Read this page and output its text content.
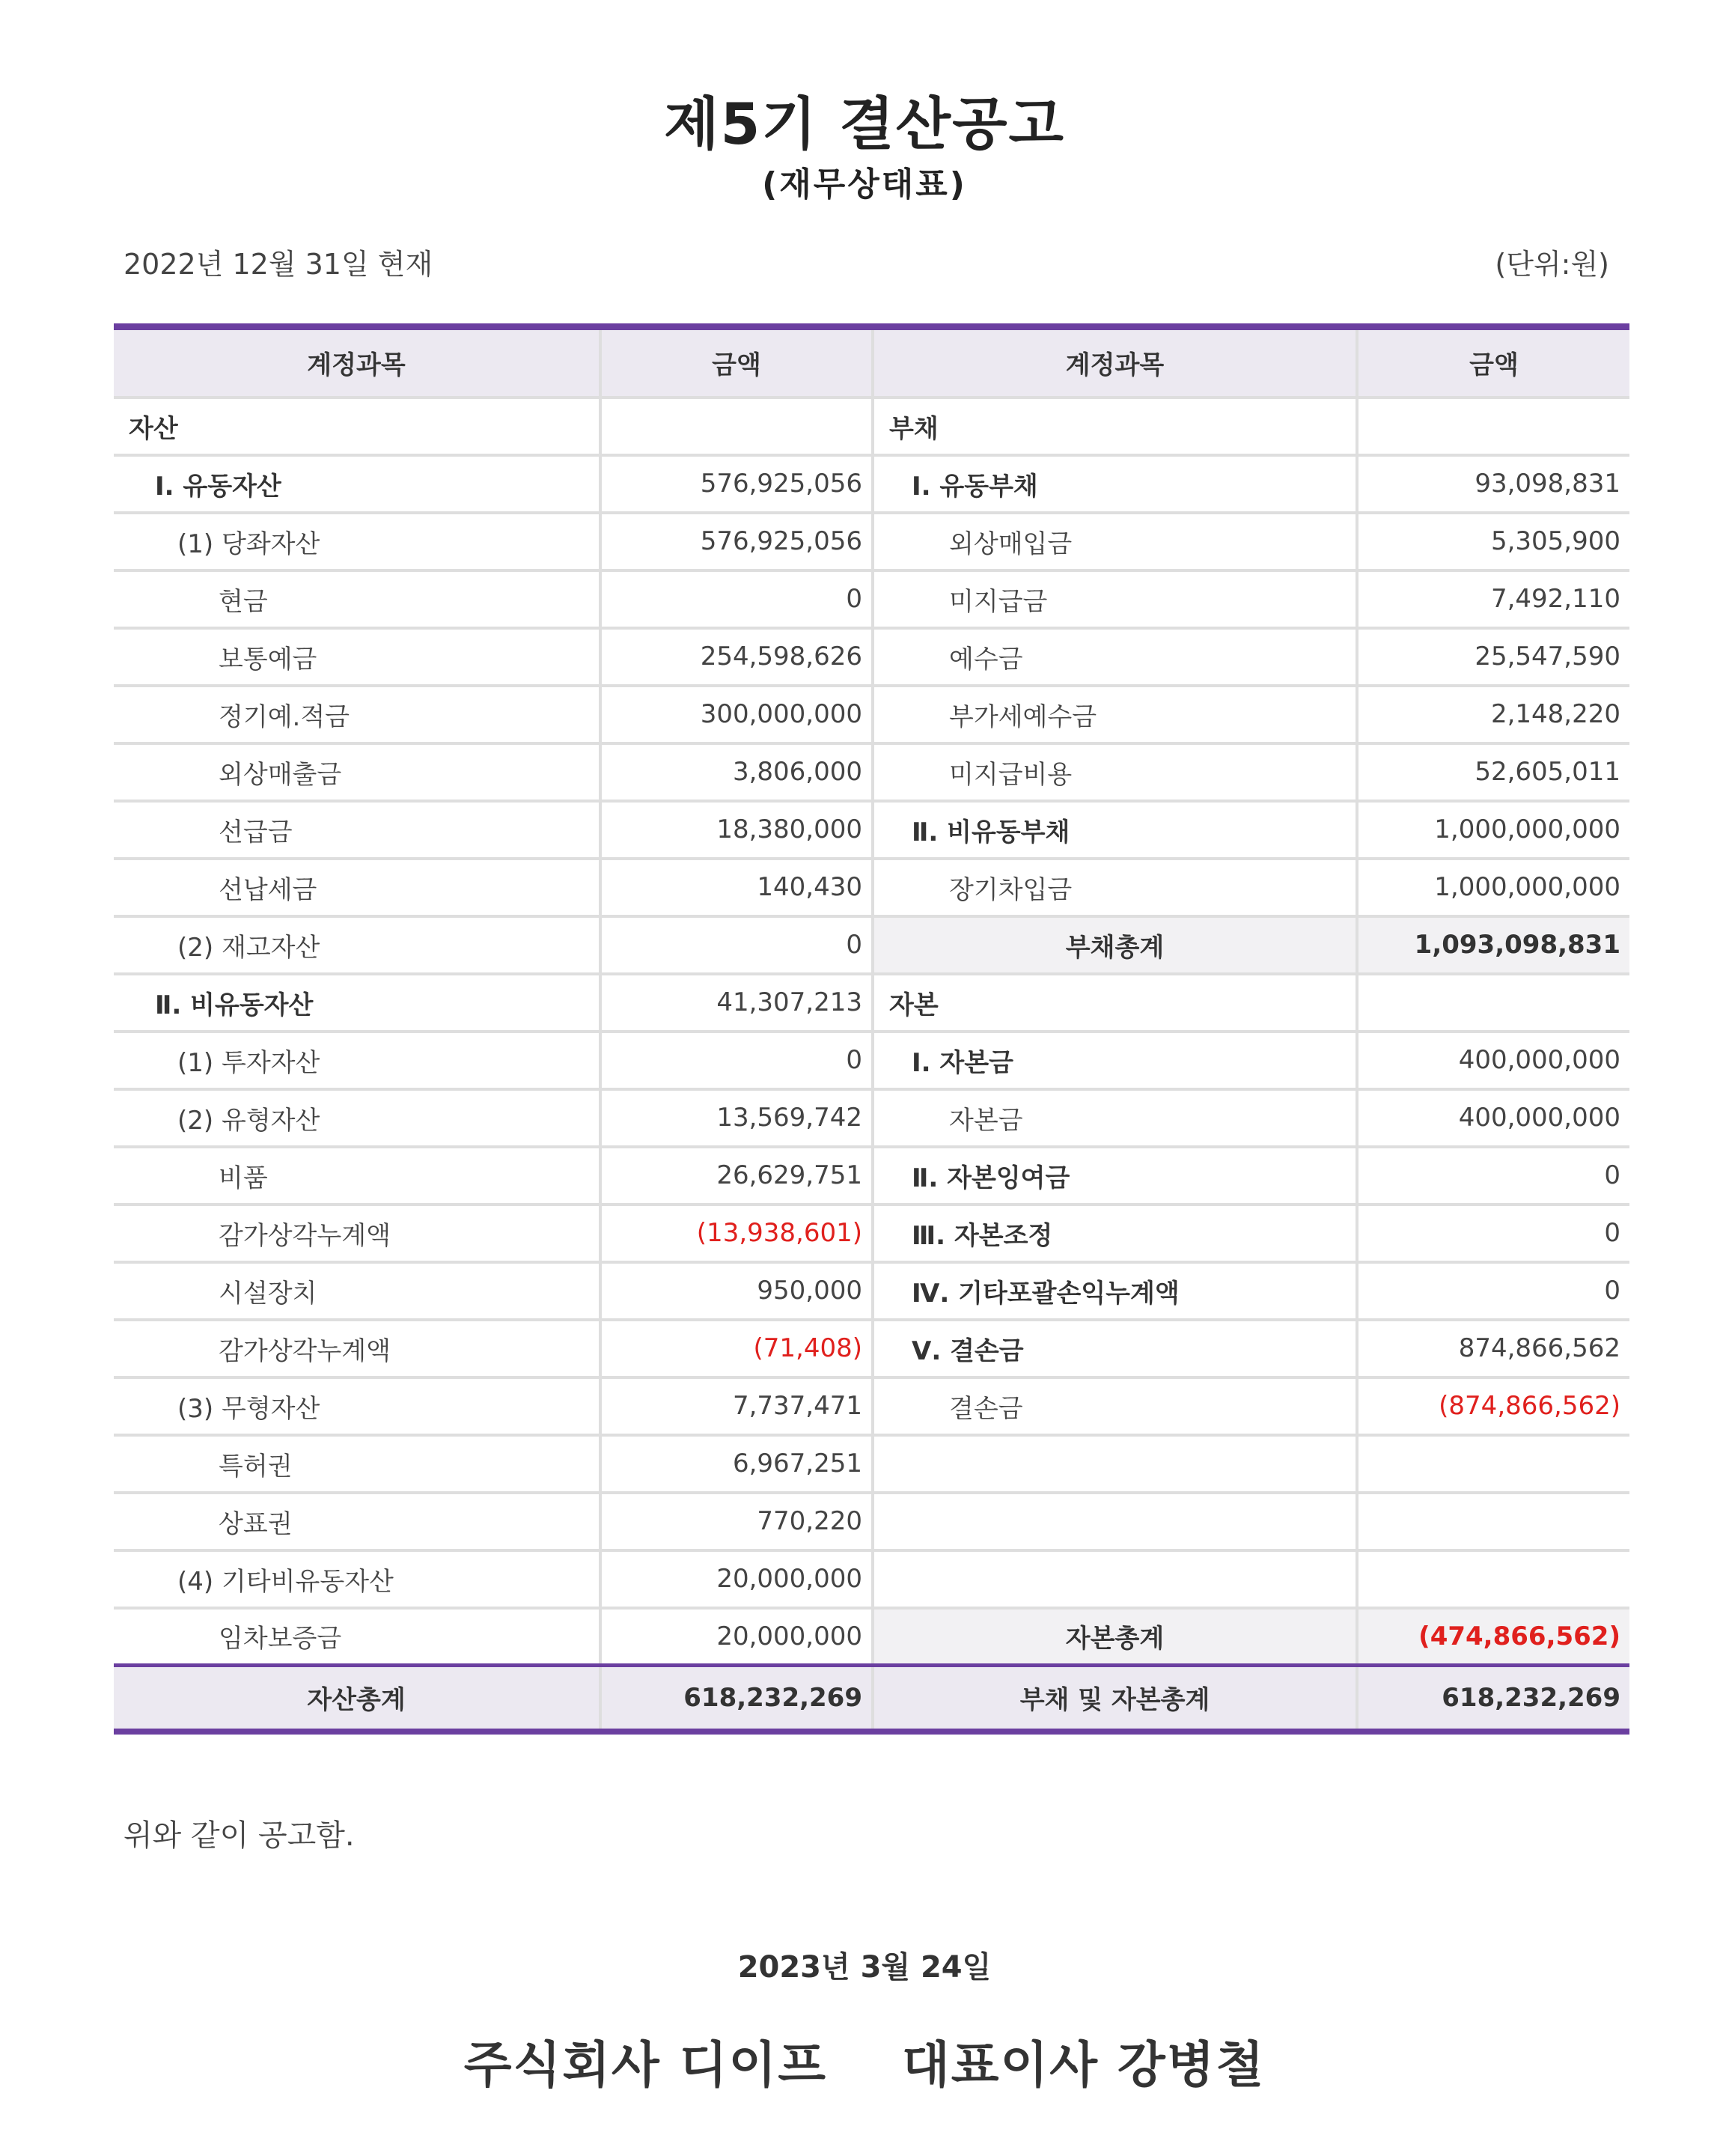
제5기 결산공고
(재무상태표)
2022년 12월 31일 현재	(단위:원)
계정과목	금액	계정과목	금액
자산		부채	
Ⅰ. 유동자산	576,925,056	Ⅰ. 유동부채	93,098,831
(1) 당좌자산	576,925,056	외상매입금	5,305,900
현금	0	미지급금	7,492,110
보통예금	254,598,626	예수금	25,547,590
정기예.적금	300,000,000	부가세예수금	2,148,220
외상매출금	3,806,000	미지급비용	52,605,011
선급금	18,380,000	Ⅱ. 비유동부채	1,000,000,000
선납세금	140,430	장기차입금	1,000,000,000
(2) 재고자산	0	부채총계	1,093,098,831
Ⅱ. 비유동자산	41,307,213	자본	
(1) 투자자산	0	Ⅰ. 자본금	400,000,000
(2) 유형자산	13,569,742	자본금	400,000,000
비품	26,629,751	Ⅱ. 자본잉여금	0
감가상각누계액	(13,938,601)	Ⅲ. 자본조정	0
시설장치	950,000	Ⅳ. 기타포괄손익누계액	0
감가상각누계액	(71,408)	Ⅴ. 결손금	874,866,562
(3) 무형자산	7,737,471	결손금	(874,866,562)
특허권	6,967,251		
상표권	770,220		
(4) 기타비유동자산	20,000,000		
임차보증금	20,000,000	자본총계	(474,866,562)
자산총계	618,232,269	부채 및 자본총계	618,232,269
위와 같이 공고함.
2023년 3월 24일
주식회사 디이프 대표이사 강병철
